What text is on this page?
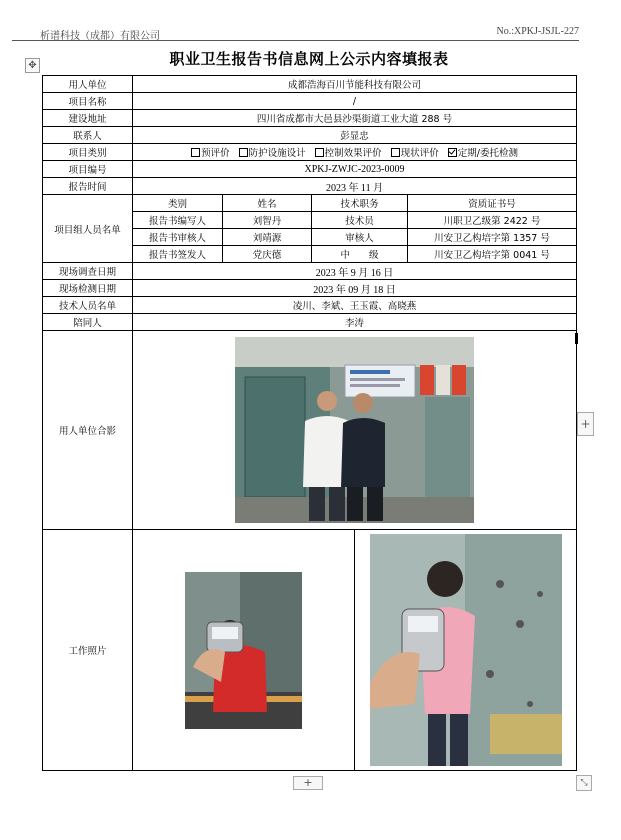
析谱科技（成都）有限公司	No.:XPKJ-JSJL-227
✥	职业卫生报告书信息网上公示内容填报表
用人单位	成都浩海百川节能科技有限公司				
项目名称	/				
建设地址	四川省成都市大邑县沙渠街道工业大道 288 号				
联系人	彭显忠				
项目类别	预评价 防护设施设计 控制效果评价 现状评价 定期/委托检测				
项目编号	XPKJ-ZWJC-2023-0009				
报告时间	2023 年 11 月				
项目组人员名单	类别	姓名	技术职务		资质证书号
	报告书编写人	刘智丹	技术员		川职卫乙级第 2422 号
	报告书审核人	刘靖源	审核人		川安卫乙构培字第 1357 号
	报告书签发人	党庆德	中　　级		川安卫乙构培字第 0041 号
现场调查日期	2023 年 9 月 16 日				
现场检测日期	2023 年 09 月 18 日				
技术人员名单	凌川、李斌、王玉霞、高晓燕				
陪同人	李涛				
用人单位合影	

工作照片	

+
+	⤡
